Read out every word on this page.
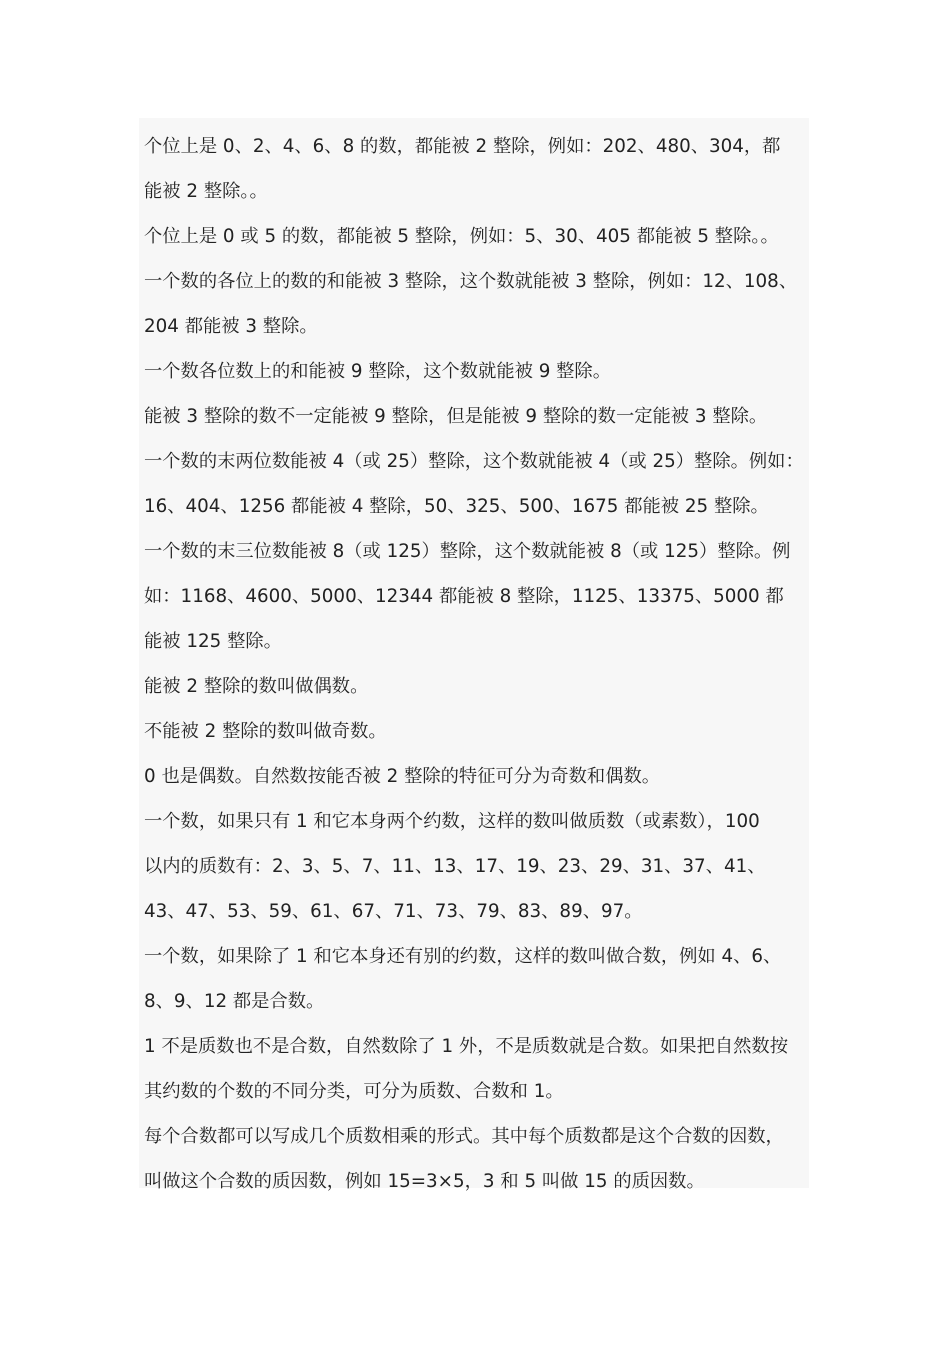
个位上是 0、2、4、6、8 的数，都能被 2 整除，例如：202、480、304，都

能被 2 整除。。

个位上是 0 或 5 的数，都能被 5 整除，例如：5、30、405 都能被 5 整除。。

一个数的各位上的数的和能被 3 整除，这个数就能被 3 整除，例如：12、108、

204 都能被 3 整除。

一个数各位数上的和能被 9 整除，这个数就能被 9 整除。

能被 3 整除的数不一定能被 9 整除，但是能被 9 整除的数一定能被 3 整除。

一个数的末两位数能被 4（或 25）整除，这个数就能被 4（或 25）整除。例如：

16、404、1256 都能被 4 整除，50、325、500、1675 都能被 25 整除。

一个数的末三位数能被 8（或 125）整除，这个数就能被 8（或 125）整除。例

如：1168、4600、5000、12344 都能被 8 整除，1125、13375、5000 都

能被 125 整除。

能被 2 整除的数叫做偶数。

不能被 2 整除的数叫做奇数。

0 也是偶数。自然数按能否被 2 整除的特征可分为奇数和偶数。

一个数，如果只有 1 和它本身两个约数，这样的数叫做质数（或素数），100

以内的质数有：2、3、5、7、11、13、17、19、23、29、31、37、41、

43、47、53、59、61、67、71、73、79、83、89、97。

一个数，如果除了 1 和它本身还有别的约数，这样的数叫做合数，例如 4、6、

8、9、12 都是合数。

1 不是质数也不是合数，自然数除了 1 外，不是质数就是合数。如果把自然数按

其约数的个数的不同分类，可分为质数、合数和 1。

每个合数都可以写成几个质数相乘的形式。其中每个质数都是这个合数的因数，

叫做这个合数的质因数，例如 15=3×5，3 和 5 叫做 15 的质因数。
